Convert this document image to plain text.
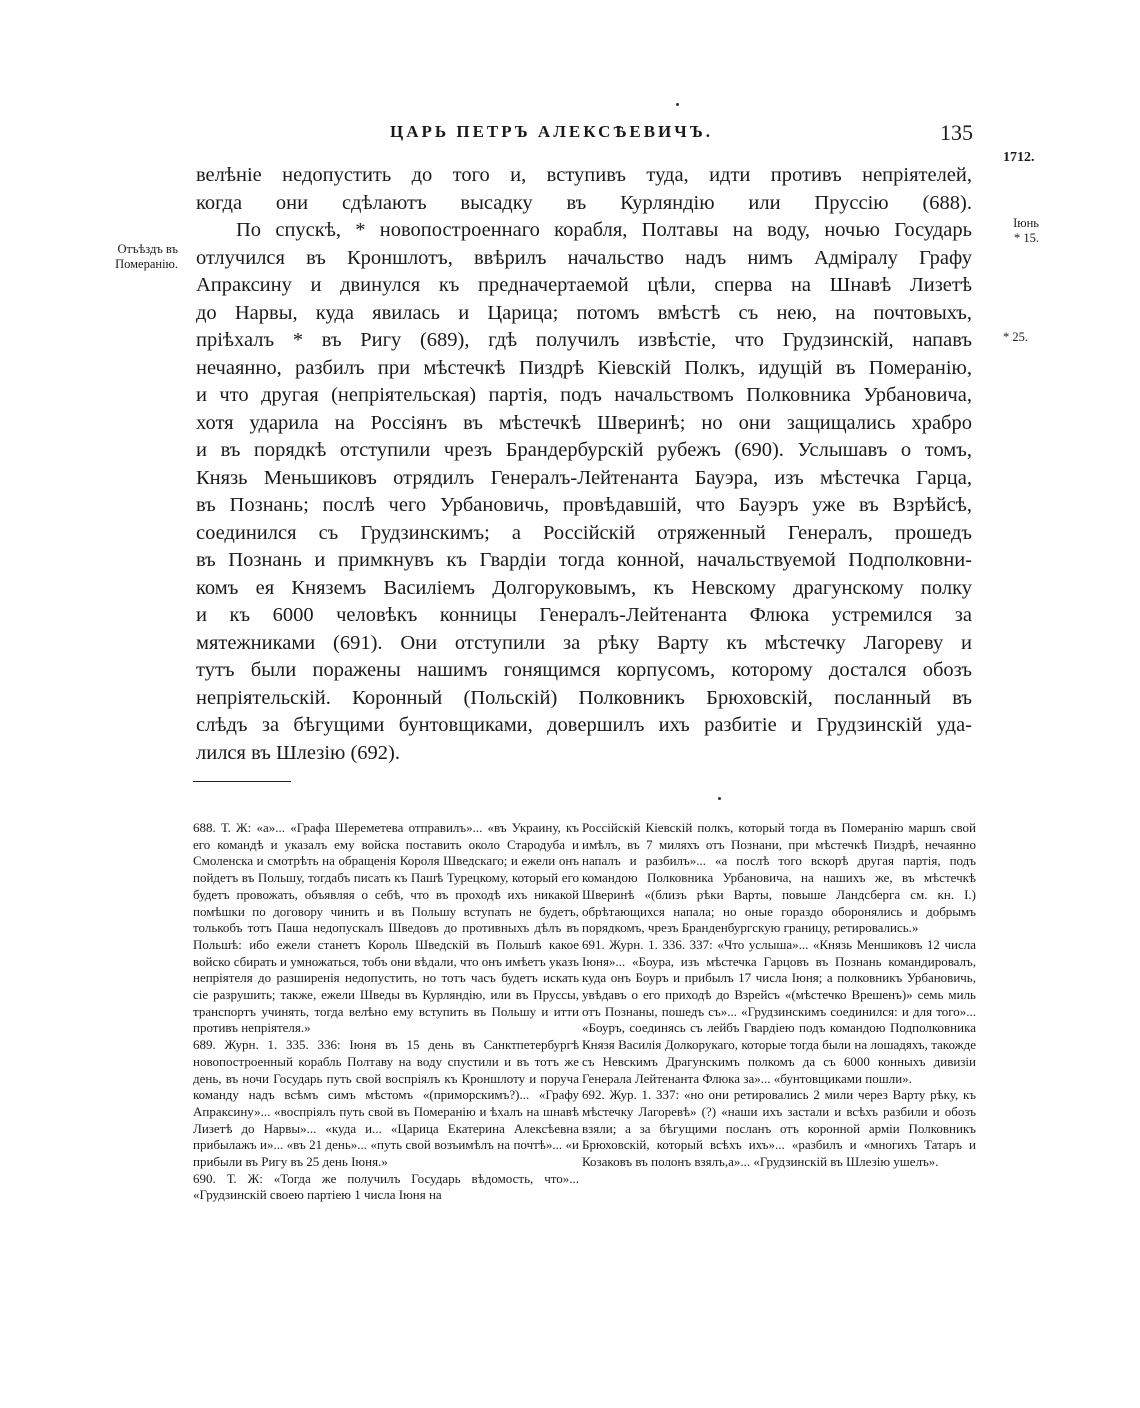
ЦАРЬ ПЕТРЪ АЛЕКСѢЕВИЧЪ.	135
1712.
Іюнь
* 15.
* 25.
Отъѣздъ въ Померанію.
велѣніе недопустить до того и, вступивъ туда, идти противъ непріятелей,
когда они сдѣлаютъ высадку въ Курляндію или Пруссію (688).
По спускѣ, * новопостроеннаго корабля, Полтавы на воду, ночью Государь
отлучился въ Кроншлотъ, ввѣрилъ начальство надъ нимъ Адміралу Графу
Апраксину и двинулся къ предначертаемой цѣли, сперва на Шнавѣ Лизетѣ
до Нарвы, куда явилась и Царица; потомъ вмѣстѣ съ нею, на почтовыхъ,
пріѣхалъ * въ Ригу (689), гдѣ получилъ извѣстіе, что Грудзинскій, напавъ
нечаянно, разбилъ при мѣстечкѣ Пиздрѣ Кіевскій Полкъ, идущій въ Померанію,
и что другая (непріятельская) партія, подъ начальствомъ Полковника Урбановича,
хотя ударила на Россіянъ въ мѣстечкѣ Шверинѣ; но они защищались храбро
и въ порядкѣ отступили чрезъ Брандербурскій рубежъ (690). Услышавъ о томъ,
Князь Меньшиковъ отрядилъ Генералъ-Лейтенанта Бауэра, изъ мѣстечка Гарца,
въ Познань; послѣ чего Урбановичь, провѣдавшій, что Бауэръ уже въ Взрѣйсѣ,
соединился съ Грудзинскимъ; а Россійскій отряженный Генералъ, прошедъ
въ Познань и примкнувъ къ Гвардіи тогда конной, начальствуемой Подполковни-
комъ ея Княземъ Василіемъ Долгоруковымъ, къ Невскому драгунскому полку
и къ 6000 человѣкъ конницы Генералъ-Лейтенанта Флюка устремился за
мятежниками (691). Они отступили за рѣку Варту къ мѣстечку Лагореву и
тутъ были поражены нашимъ гонящимся корпусомъ, которому достался обозъ
непріятельскій. Коронный (Польскій) Полковникъ Брюховскій, посланный въ
слѣдъ за бѣгущими бунтовщиками, довершилъ ихъ разбитіе и Грудзинскій уда-
лился въ Шлезію (692).

688. Т. Ж: «а»... «Графа Шереметева отправилъ»... «въ Украину, къ его командѣ и указалъ ему войска поставить около Стародуба и Смоленска и смотрѣть на обращенія Короля Шведскаго; и ежели онъ пойдетъ въ Польшу, тогдабъ писать къ Пашѣ Турецкому, который его будетъ провожать, объявляя о себѣ, что въ проходѣ ихъ никакой помѣшки по договору чинить и въ Польшу вступать не будетъ, толькобъ тотъ Паша недопускалъ Шведовъ до противныхъ дѣлъ въ Польшѣ: ибо ежели станетъ Король Шведскій въ Польшѣ какое войско сбирать и умножаться, тобъ они вѣдали, что онъ имѣетъ указъ непріятеля до разширенія недопустить, но тотъ часъ будетъ искать сіе разрушить; также, ежели Шведы въ Курляндію, или въ Пруссы, транспортъ учинять, тогда велѣно ему вступить въ Польшу и итти противъ непріятеля.»

689. Журн. 1. 335. 336: Іюня въ 15 день въ Санктпетербургѣ новопостроенный корабль Полтаву на воду спустили и въ тотъ же день, въ ночи Государь путь свой воспріялъ къ Кроншлоту и поруча команду надъ всѣмъ симъ мѣстомъ «(приморскимъ?)... «Графу Апраксину»... «воспріялъ путь свой въ Померанію и ѣхалъ на шнавѣ Лизетѣ до Нарвы»... «куда и... «Царица Екатерина Алексѣевна прибылажъ и»... «въ 21 день»... «путь свой возъимѣлъ на почтѣ»... «и прибыли въ Ригу въ 25 день Іюня.»

690. Т. Ж: «Тогда же получилъ Государь вѣдомость, что»... «Грудзинскій своею партіею 1 числа Іюня на

Россійскій Кіевскій полкъ, который тогда въ Померанію маршъ свой имѣлъ, въ 7 миляхъ отъ Познани, при мѣстечкѣ Пиздрѣ, нечаянно напалъ и разбилъ»... «а послѣ того вскорѣ другая партія, подъ командою Полковника Урбановича, на нашихъ же, въ мѣстечкѣ Шверинѣ «(близъ рѣки Варты, повыше Ландсберга см. кн. I.) обрѣтающихся напала; но оные гораздо оборонялись и добрымъ порядкомъ, чрезъ Бранденбургскую границу, ретировались.»

691. Журн. 1. 336. 337: «Что услыша»... «Князь Меншиковъ 12 числа Іюня»... «Боура, изъ мѣстечка Гарцовъ въ Познань командировалъ, куда онъ Боуръ и прибылъ 17 числа Іюня; а полковникъ Урбановичь, увѣдавъ о его приходѣ до Взрейсъ «(мѣстечко Врешенъ)» семь миль отъ Познаны, пошедъ съ»... «Грудзинскимъ соединился: и для того»... «Боуръ, соединясь съ лейбъ Гвардіею подъ командою Подполковника Князя Василія Долкорукаго, которые тогда были на лошадяхъ, такожде съ Невскимъ Драгунскимъ полкомъ да съ 6000 конныхъ дивизіи Генерала Лейтенанта Флюка за»... «бунтовщиками пошли».

692. Жур. 1. 337: «но они ретировались 2 мили через Варту рѣку, къ мѣстечку Лагоревѣ» (?) «наши ихъ застали и всѣхъ разбили и обозъ взяли; а за бѣгущими посланъ отъ коронной арміи Полковникъ Брюховскій, который всѣхъ ихъ»... «разбилъ и «многихъ Татаръ и Козаковъ въ полонъ взялъ,а»... «Грудзинскій въ Шлезію ушелъ».
